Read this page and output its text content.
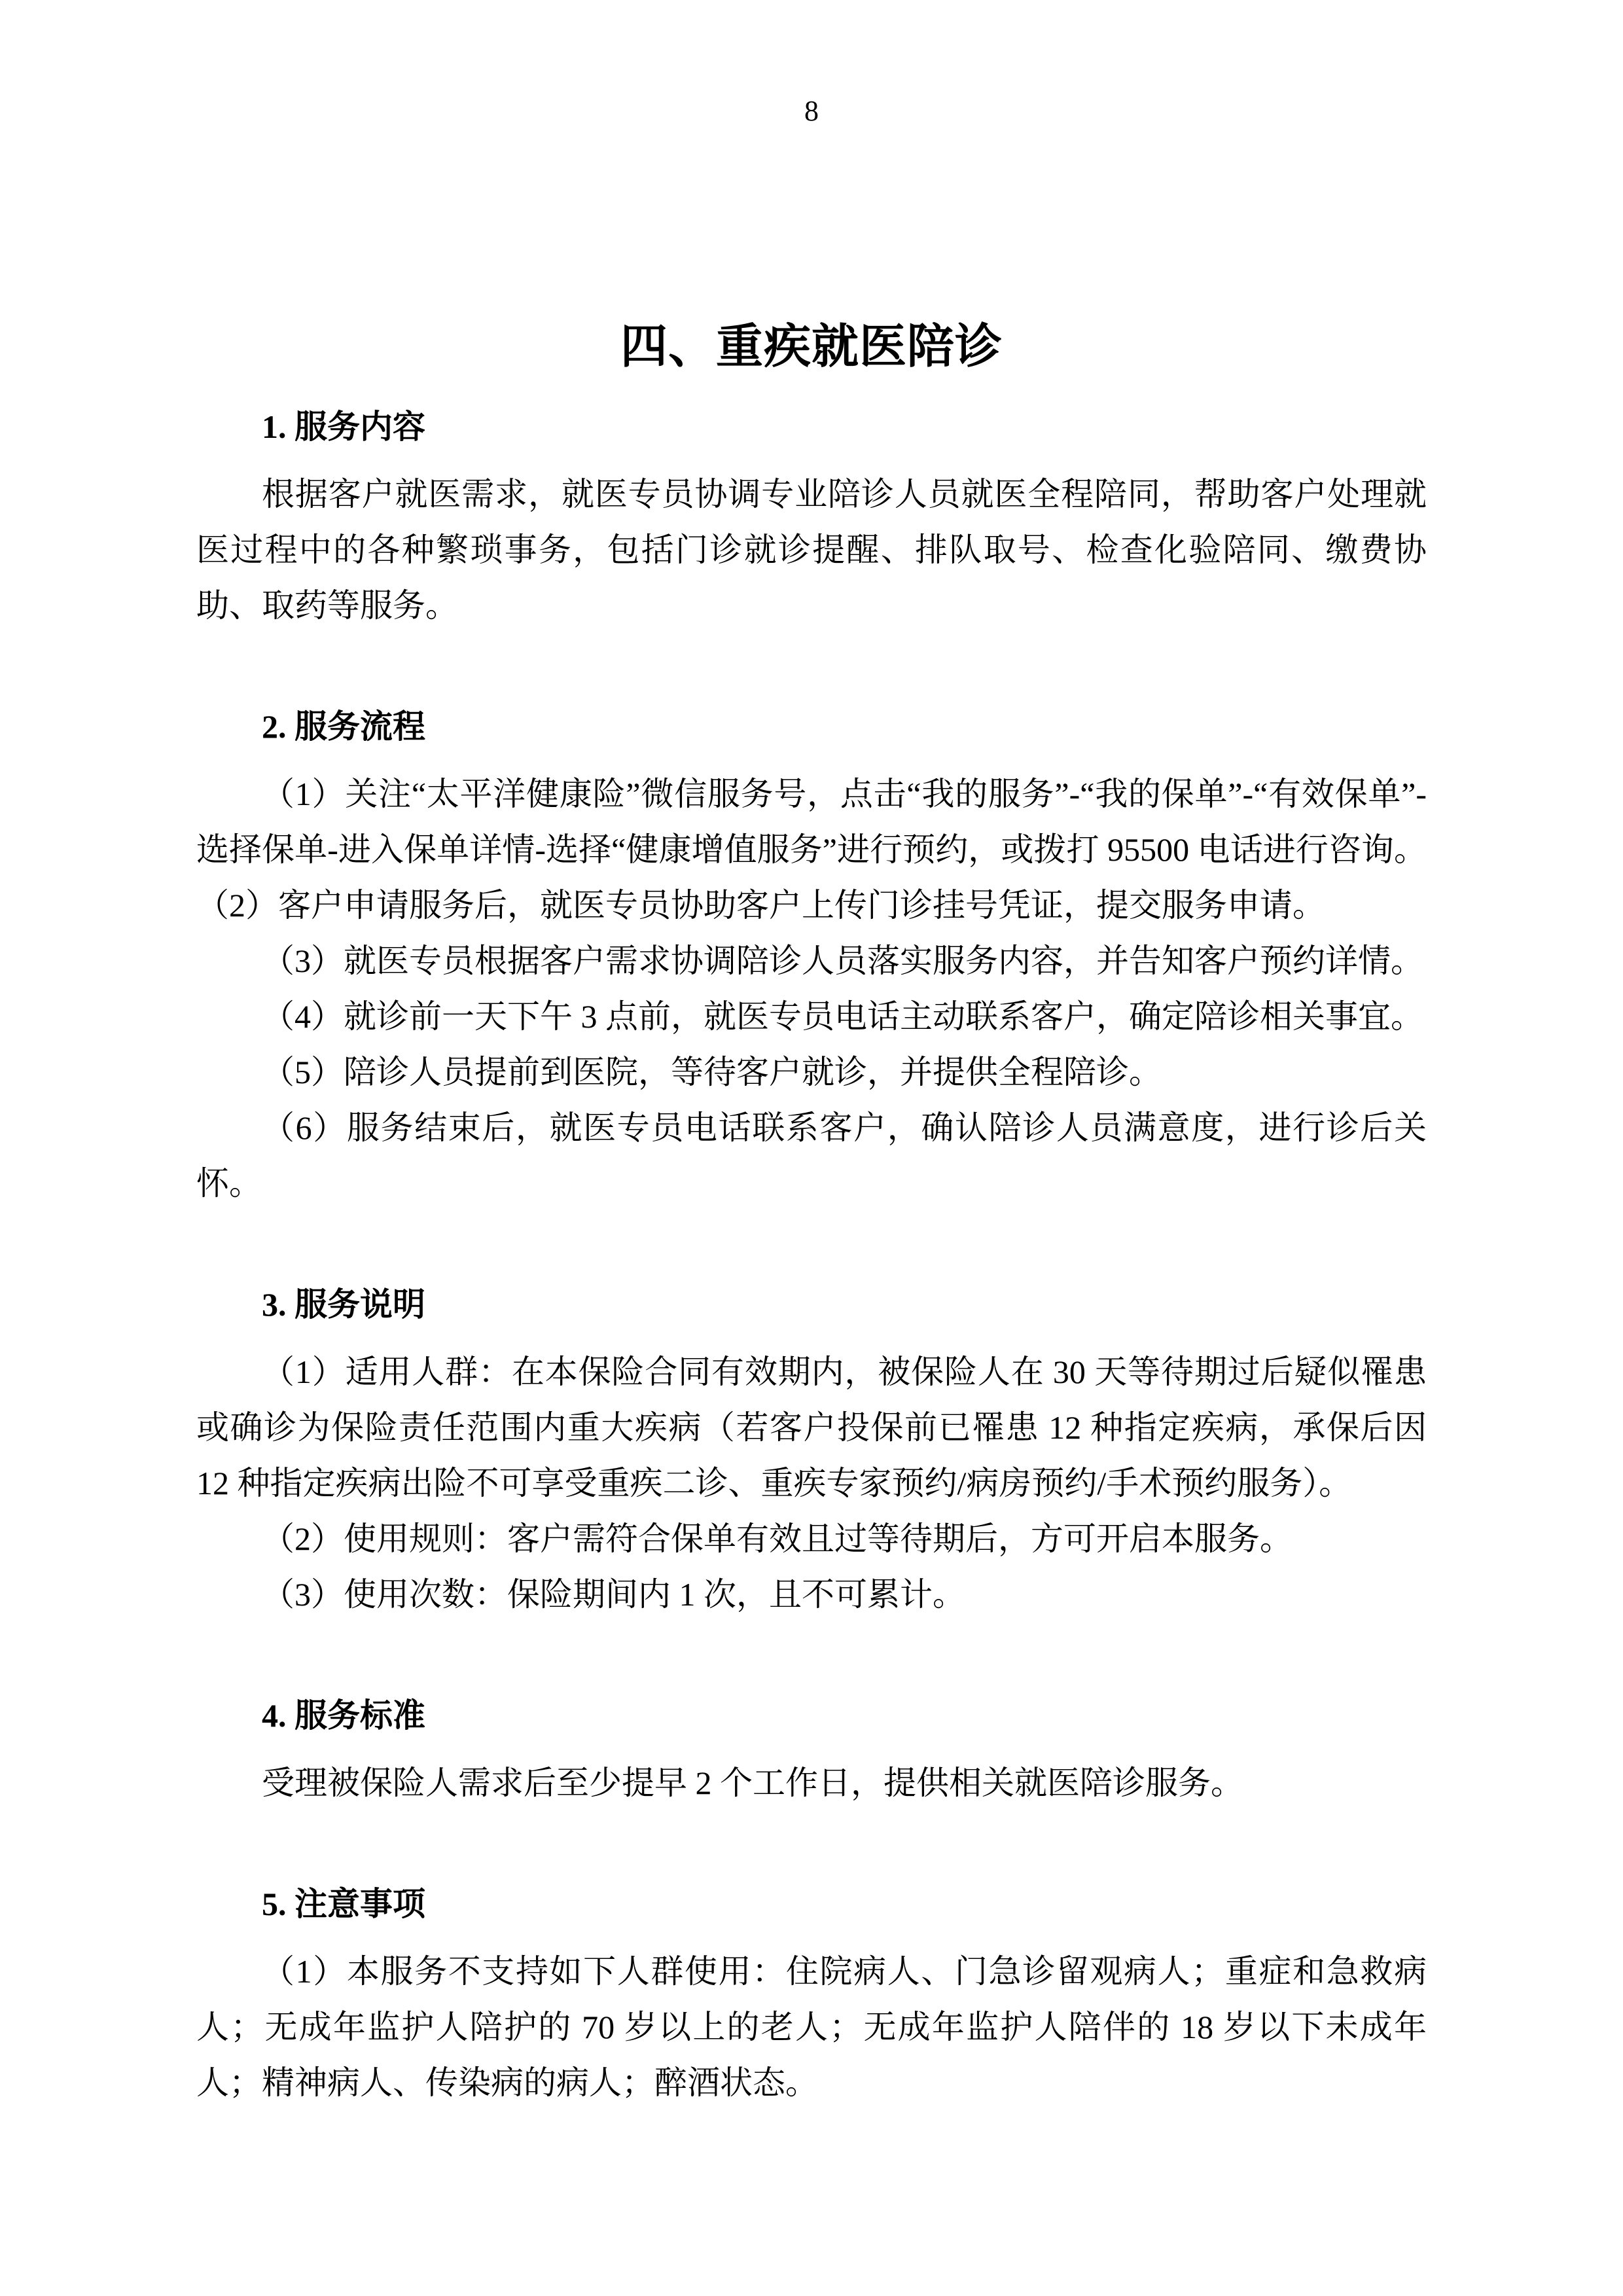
8
四、重疾就医陪诊
1. 服务内容

根据客户就医需求，就医专员协调专业陪诊人员就医全程陪同，帮助客户处理就医过程中的各种繁琐事务，包括门诊就诊提醒、排队取号、检查化验陪同、缴费协助、取药等服务。

2. 服务流程

（1）关注“太平洋健康险”微信服务号，点击“我的服务”-“我的保单”-“有效保单”-选择保单-进入保单详情-选择“健康增值服务”进行预约，或拨打 95500 电话进行咨询。（2）客户申请服务后，就医专员协助客户上传门诊挂号凭证，提交服务申请。

（3）就医专员根据客户需求协调陪诊人员落实服务内容，并告知客户预约详情。

（4）就诊前一天下午 3 点前，就医专员电话主动联系客户，确定陪诊相关事宜。

（5）陪诊人员提前到医院，等待客户就诊，并提供全程陪诊。

（6）服务结束后，就医专员电话联系客户，确认陪诊人员满意度，进行诊后关怀。

3. 服务说明

（1）适用人群：在本保险合同有效期内，被保险人在 30 天等待期过后疑似罹患或确诊为保险责任范围内重大疾病（若客户投保前已罹患 12 种指定疾病，承保后因 12 种指定疾病出险不可享受重疾二诊、重疾专家预约/病房预约/手术预约服务）。

（2）使用规则：客户需符合保单有效且过等待期后，方可开启本服务。

（3）使用次数：保险期间内 1 次，且不可累计。

4. 服务标准

受理被保险人需求后至少提早 2 个工作日，提供相关就医陪诊服务。

5. 注意事项

（1）本服务不支持如下人群使用：住院病人、门急诊留观病人；重症和急救病人；无成年监护人陪护的 70 岁以上的老人；无成年监护人陪伴的 18 岁以下未成年人；精神病人、传染病的病人；醉酒状态。
